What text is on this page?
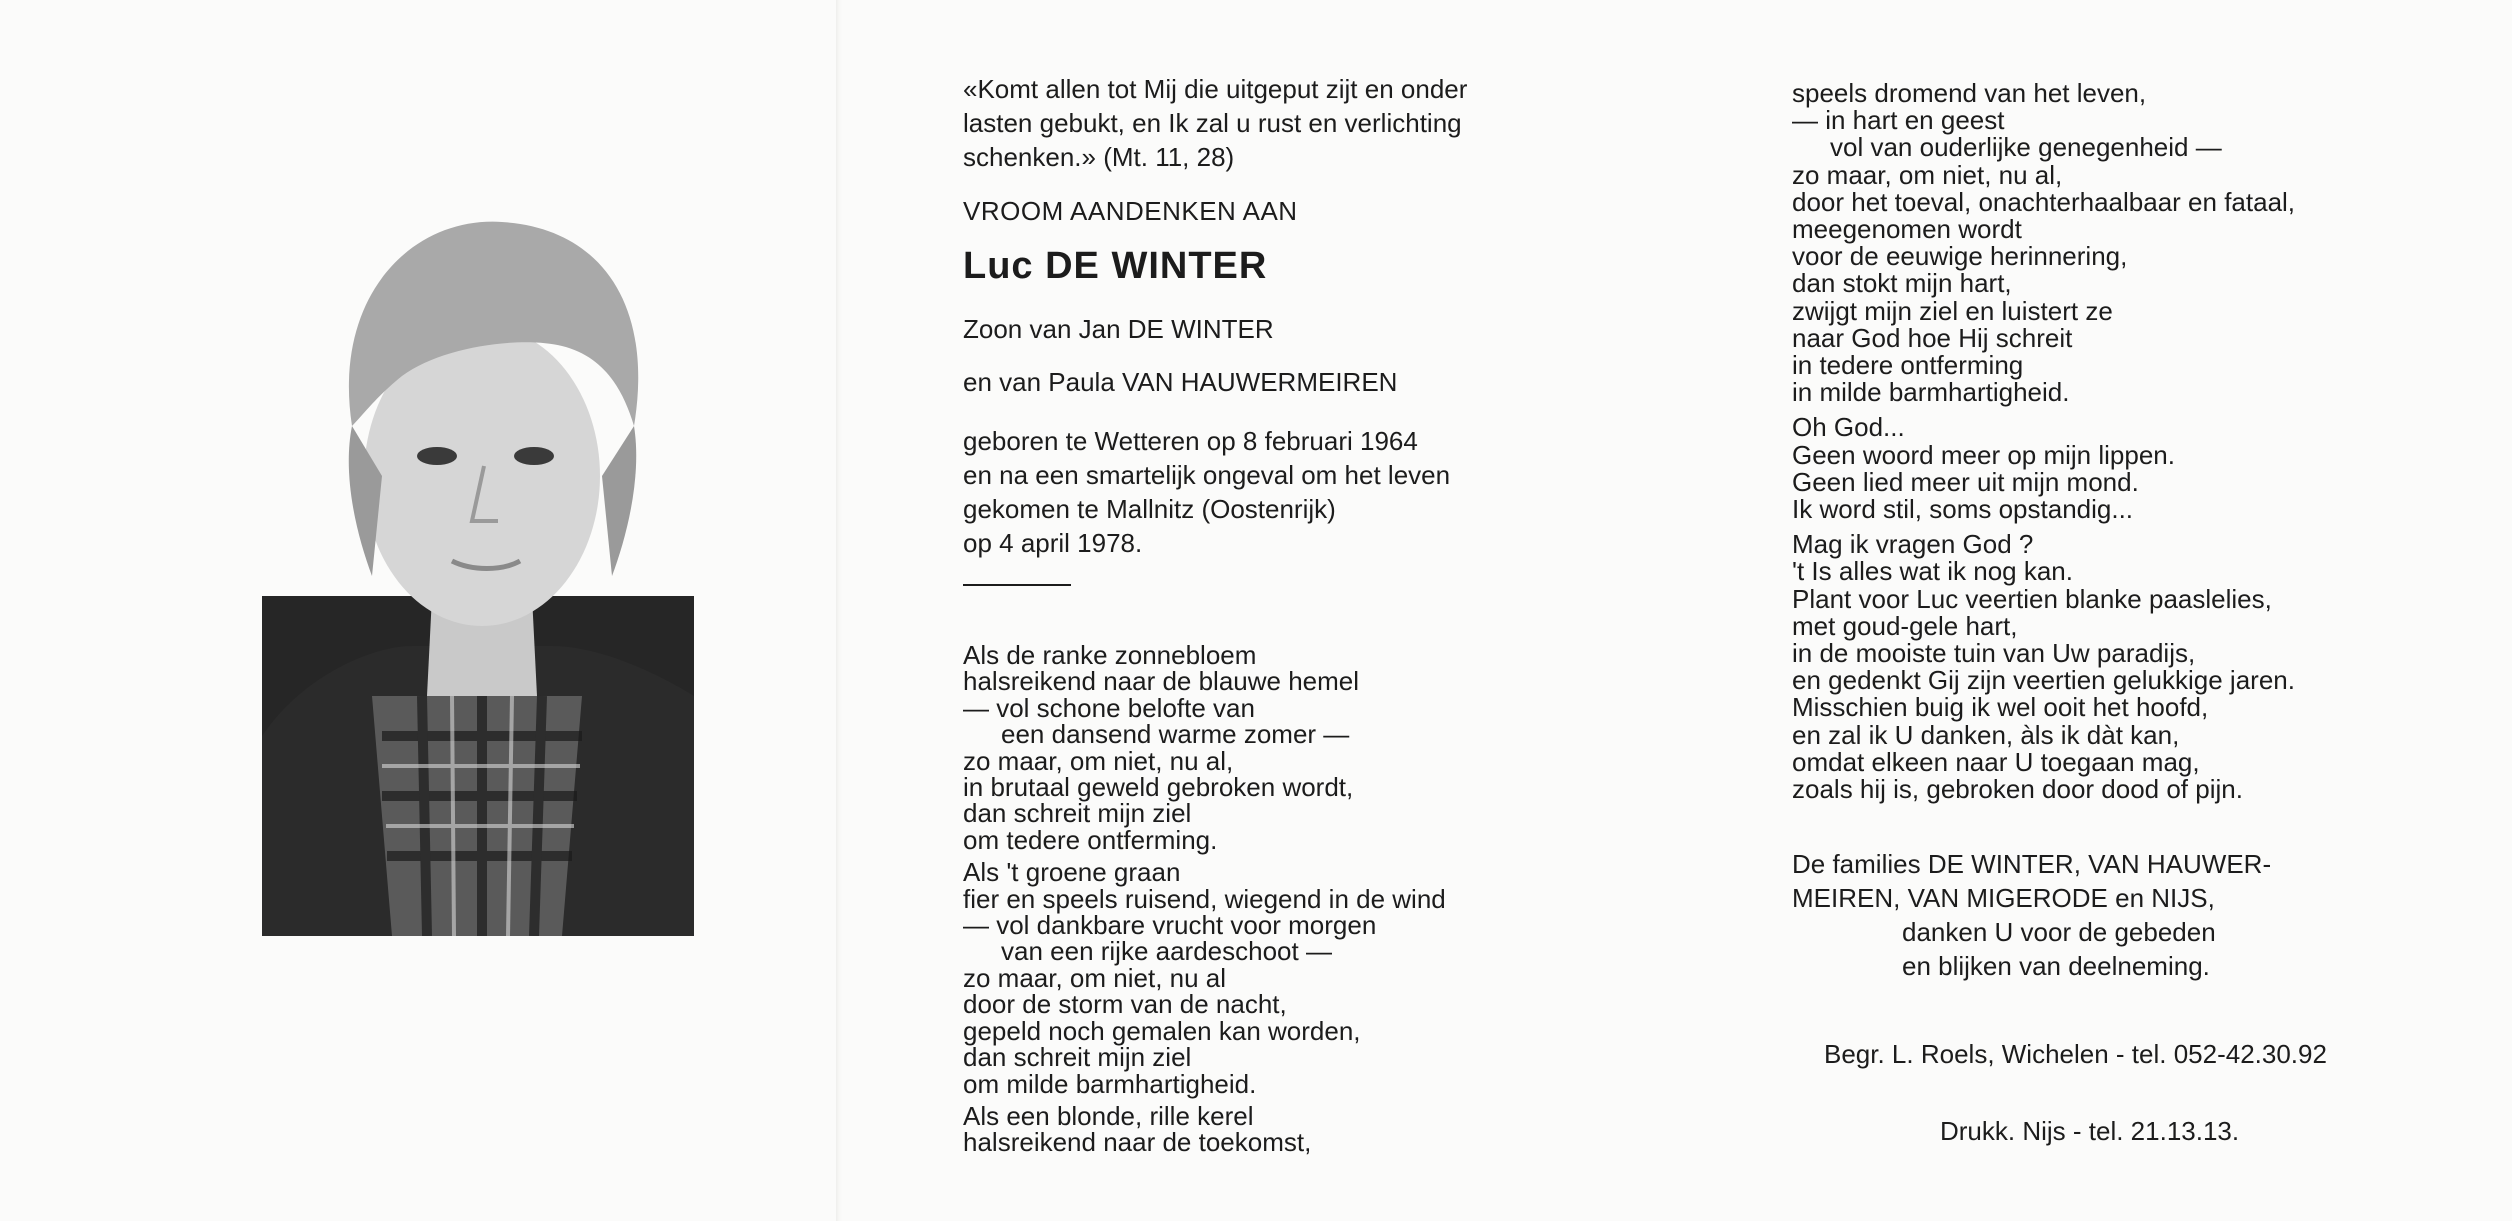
«Komt allen tot Mij die uitgeput zijt en onder
lasten gebukt, en Ik zal u rust en verlichting
schenken.» (Mt. 11, 28)
VROOM AANDENKEN AAN
Luc DE WINTER
Zoon van Jan DE WINTER
en van Paula VAN HAUWERMEIREN
geboren te Wetteren op 8 februari 1964
en na een smartelijk ongeval om het leven
gekomen te Mallnitz (Oostenrijk)
op 4 april 1978.
Als de ranke zonnebloem
halsreikend naar de blauwe hemel
— vol schone belofte van
een dansend warme zomer —
zo maar, om niet, nu al,
in brutaal geweld gebroken wordt,
dan schreit mijn ziel
om tedere ontferming.
Als 't groene graan
fier en speels ruisend, wiegend in de wind
— vol dankbare vrucht voor morgen
van een rijke aardeschoot —
zo maar, om niet, nu al
door de storm van de nacht,
gepeld noch gemalen kan worden,
dan schreit mijn ziel
om milde barmhartigheid.
Als een blonde, rille kerel
halsreikend naar de toekomst,
speels dromend van het leven,
— in hart en geest
vol van ouderlijke genegenheid —
zo maar, om niet, nu al,
door het toeval, onachterhaalbaar en fataal,
meegenomen wordt
voor de eeuwige herinnering,
dan stokt mijn hart,
zwijgt mijn ziel en luistert ze
naar God hoe Hij schreit
in tedere ontferming
in milde barmhartigheid.
Oh God...
Geen woord meer op mijn lippen.
Geen lied meer uit mijn mond.
Ik word stil, soms opstandig...
Mag ik vragen God ?
't Is alles wat ik nog kan.
Plant voor Luc veertien blanke paaslelies,
met goud-gele hart,
in de mooiste tuin van Uw paradijs,
en gedenkt Gij zijn veertien gelukkige jaren.
Misschien buig ik wel ooit het hoofd,
en zal ik U danken, àls ik dàt kan,
omdat elkeen naar U toegaan mag,
zoals hij is, gebroken door dood of pijn.
De families DE WINTER, VAN HAUWER-
MEIREN, VAN MIGERODE en NIJS,
danken U voor de gebeden
en blijken van deelneming.
Begr. L. Roels, Wichelen - tel. 052-42.30.92
Drukk. Nijs - tel. 21.13.13.
